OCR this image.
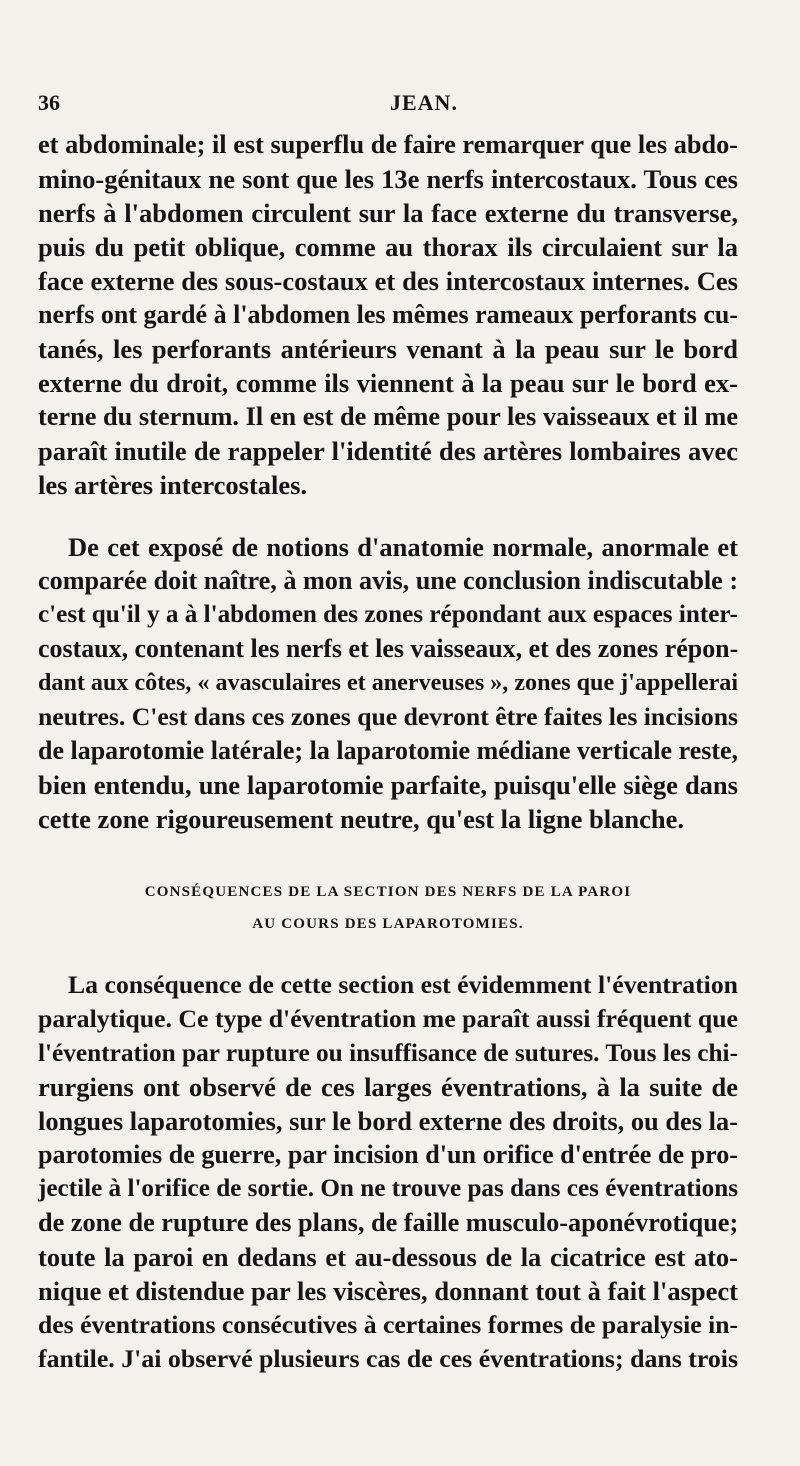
36	JEAN.
et abdominale; il est superflu de faire remarquer que les abdo-
mino-génitaux ne sont que les 13e nerfs intercostaux. Tous ces
nerfs à l'abdomen circulent sur la face externe du transverse,
puis du petit oblique, comme au thorax ils circulaient sur la
face externe des sous-costaux et des intercostaux internes. Ces
nerfs ont gardé à l'abdomen les mêmes rameaux perforants cu-
tanés, les perforants antérieurs venant à la peau sur le bord
externe du droit, comme ils viennent à la peau sur le bord ex-
terne du sternum. Il en est de même pour les vaisseaux et il me
paraît inutile de rappeler l'identité des artères lombaires avec
les artères intercostales.
De cet exposé de notions d'anatomie normale, anormale et
comparée doit naître, à mon avis, une conclusion indiscutable :
c'est qu'il y a à l'abdomen des zones répondant aux espaces inter-
costaux, contenant les nerfs et les vaisseaux, et des zones répon-
dant aux côtes, « avasculaires et anerveuses », zones que j'appellerai
neutres. C'est dans ces zones que devront être faites les incisions
de laparotomie latérale; la laparotomie médiane verticale reste,
bien entendu, une laparotomie parfaite, puisqu'elle siège dans
cette zone rigoureusement neutre, qu'est la ligne blanche.
CONSÉQUENCES DE LA SECTION DES NERFS DE LA PAROI
AU COURS DES LAPAROTOMIES.
La conséquence de cette section est évidemment l'éventration
paralytique. Ce type d'éventration me paraît aussi fréquent que
l'éventration par rupture ou insuffisance de sutures. Tous les chi-
rurgiens ont observé de ces larges éventrations, à la suite de
longues laparotomies, sur le bord externe des droits, ou des la-
parotomies de guerre, par incision d'un orifice d'entrée de pro-
jectile à l'orifice de sortie. On ne trouve pas dans ces éventrations
de zone de rupture des plans, de faille musculo-aponévrotique;
toute la paroi en dedans et au-dessous de la cicatrice est ato-
nique et distendue par les viscères, donnant tout à fait l'aspect
des éventrations consécutives à certaines formes de paralysie in-
fantile. J'ai observé plusieurs cas de ces éventrations; dans trois
